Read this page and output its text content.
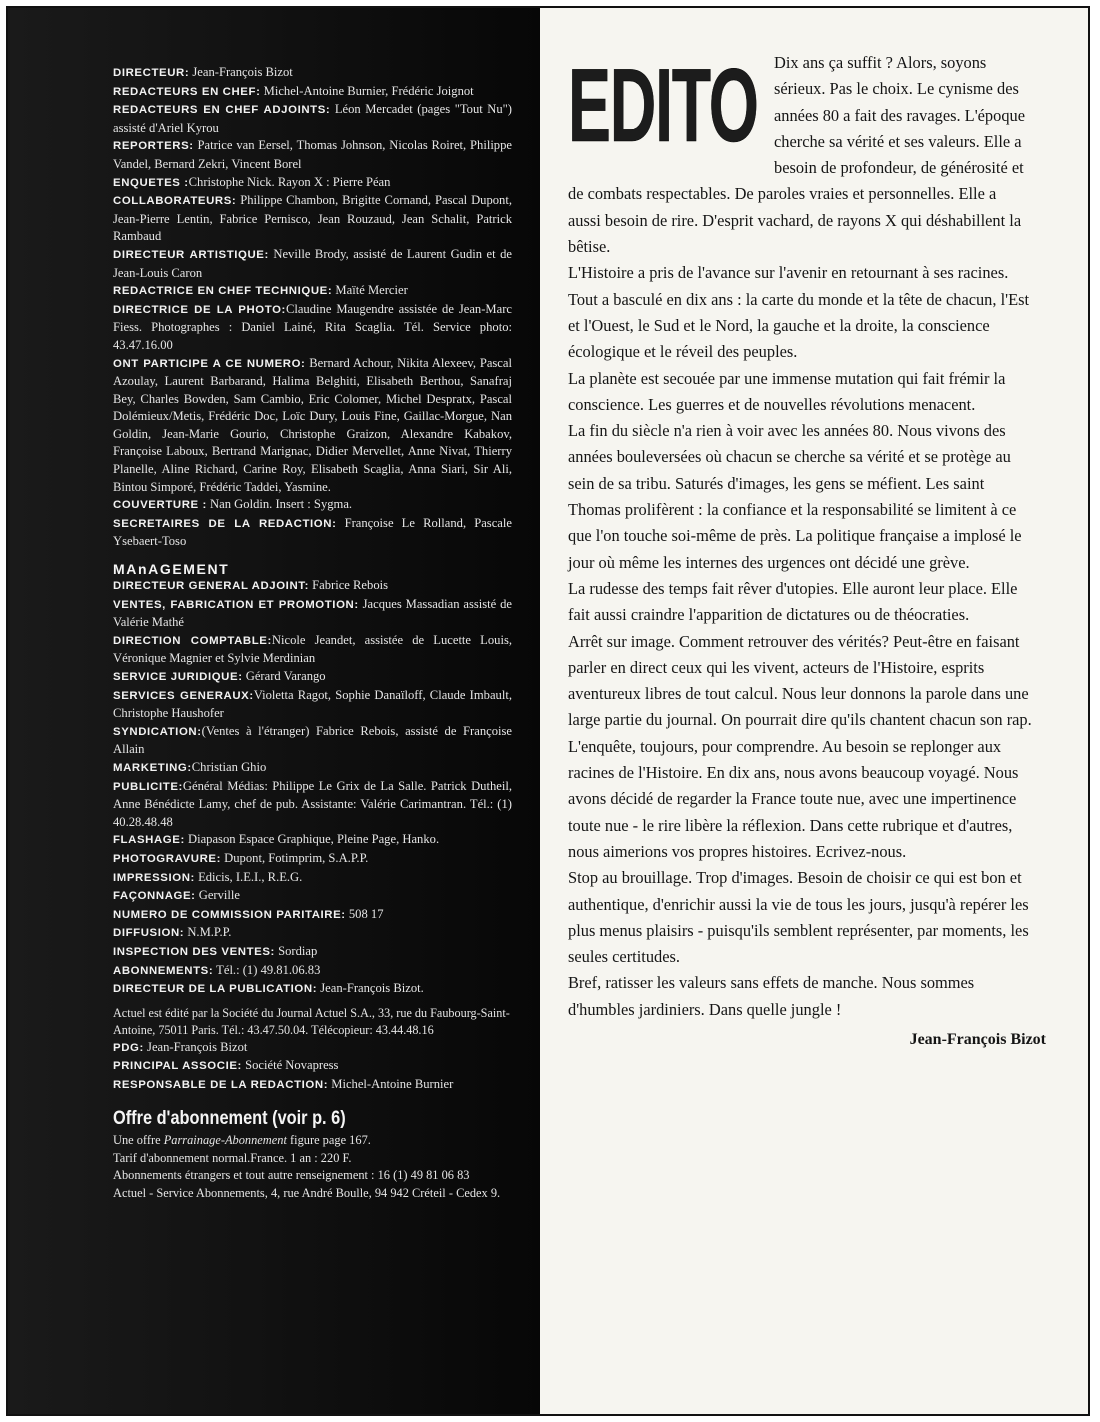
DIRECTEUR: Jean-François Bizot

REDACTEURS EN CHEF: Michel-Antoine Burnier, Frédéric Joignot

REDACTEURS EN CHEF ADJOINTS: Léon Mercadet (pages "Tout Nu") assisté d'Ariel Kyrou

REPORTERS: Patrice van Eersel, Thomas Johnson, Nicolas Roiret, Philippe Vandel, Bernard Zekri, Vincent Borel

ENQUETES :Christophe Nick. Rayon X : Pierre Péan

COLLABORATEURS: Philippe Chambon, Brigitte Cornand, Pascal Dupont, Jean-Pierre Lentin, Fabrice Pernisco, Jean Rouzaud, Jean Schalit, Patrick Rambaud

DIRECTEUR ARTISTIQUE: Neville Brody, assisté de Laurent Gudin et de Jean-Louis Caron

REDACTRICE EN CHEF TECHNIQUE: Maïté Mercier

DIRECTRICE DE LA PHOTO:Claudine Maugendre assistée de Jean-Marc Fiess. Photographes : Daniel Lainé, Rita Scaglia. Tél. Service photo: 43.47.16.00

ONT PARTICIPE A CE NUMERO: Bernard Achour, Nikita Alexeev, Pascal Azoulay, Laurent Barbarand, Halima Belghiti, Elisabeth Berthou, Sanafraj Bey, Charles Bowden, Sam Cambio, Eric Colomer, Michel Despratx, Pascal Dolémieux/Metis, Frédéric Doc, Loïc Dury, Louis Fine, Gaillac-Morgue, Nan Goldin, Jean-Marie Gourio, Christophe Graizon, Alexandre Kabakov, Françoise Laboux, Bertrand Marignac, Didier Mervellet, Anne Nivat, Thierry Planelle, Aline Richard, Carine Roy, Elisabeth Scaglia, Anna Siari, Sir Ali, Bintou Simporé, Frédéric Taddei, Yasmine.

COUVERTURE : Nan Goldin. Insert : Sygma.

SECRETAIRES DE LA REDACTION: Françoise Le Rolland, Pascale Ysebaert-Toso

MAnAGEMENT

DIRECTEUR GENERAL ADJOINT: Fabrice Rebois

VENTES, FABRICATION ET PROMOTION: Jacques Massadian assisté de Valérie Mathé

DIRECTION COMPTABLE:Nicole Jeandet, assistée de Lucette Louis, Véronique Magnier et Sylvie Merdinian

SERVICE JURIDIQUE: Gérard Varango

SERVICES GENERAUX:Violetta Ragot, Sophie Danaïloff, Claude Imbault, Christophe Haushofer

SYNDICATION:(Ventes à l'étranger) Fabrice Rebois, assisté de Françoise Allain

MARKETING:Christian Ghio

PUBLICITE:Général Médias: Philippe Le Grix de La Salle. Patrick Dutheil, Anne Bénédicte Lamy, chef de pub. Assistante: Valérie Carimantran. Tél.: (1) 40.28.48.48

FLASHAGE: Diapason Espace Graphique, Pleine Page, Hanko.

PHOTOGRAVURE: Dupont, Fotimprim, S.A.P.P.

IMPRESSION: Edicis, I.E.I., R.E.G.

FAÇONNAGE: Gerville

NUMERO DE COMMISSION PARITAIRE: 508 17

DIFFUSION: N.M.P.P.

INSPECTION DES VENTES: Sordiap

ABONNEMENTS: Tél.: (1) 49.81.06.83

DIRECTEUR DE LA PUBLICATION: Jean-François Bizot.

Actuel est édité par la Société du Journal Actuel S.A., 33, rue du Faubourg-Saint-Antoine, 75011 Paris. Tél.: 43.47.50.04. Télécopieur: 43.44.48.16

PDG: Jean-François Bizot

PRINCIPAL ASSOCIE: Société Novapress

RESPONSABLE DE LA REDACTION: Michel-Antoine Burnier

Offre d'abonnement (voir p. 6)

Une offre Parrainage-Abonnement figure page 167.

Tarif d'abonnement normal.France. 1 an : 220 F.

Abonnements étrangers et tout autre renseignement : 16 (1) 49 81 06 83

Actuel - Service Abonnements, 4, rue André Boulle, 94 942 Créteil - Cedex 9.

EDITO Dix ans ça suffit ? Alors, soyons sérieux. Pas le choix. Le cynisme des années 80 a fait des ravages. L'époque cherche sa vérité et ses valeurs. Elle a besoin de profondeur, de générosité et de combats respectables. De paroles vraies et personnelles. Elle a aussi besoin de rire. D'esprit vachard, de rayons X qui déshabillent la bêtise.

L'Histoire a pris de l'avance sur l'avenir en retournant à ses racines. Tout a basculé en dix ans : la carte du monde et la tête de chacun, l'Est et l'Ouest, le Sud et le Nord, la gauche et la droite, la conscience écologique et le réveil des peuples.

La planète est secouée par une immense mutation qui fait frémir la conscience. Les guerres et de nouvelles révolutions menacent.

La fin du siècle n'a rien à voir avec les années 80. Nous vivons des années bouleversées où chacun se cherche sa vérité et se protège au sein de sa tribu. Saturés d'images, les gens se méfient. Les saint Thomas prolifèrent : la confiance et la responsabilité se limitent à ce que l'on touche soi-même de près. La politique française a implosé le jour où même les internes des urgences ont décidé une grève.

La rudesse des temps fait rêver d'utopies. Elle auront leur place. Elle fait aussi craindre l'apparition de dictatures ou de théocraties.

Arrêt sur image. Comment retrouver des vérités? Peut-être en faisant parler en direct ceux qui les vivent, acteurs de l'Histoire, esprits aventureux libres de tout calcul. Nous leur donnons la parole dans une large partie du journal. On pourrait dire qu'ils chantent chacun son rap.

L'enquête, toujours, pour comprendre. Au besoin se replonger aux racines de l'Histoire. En dix ans, nous avons beaucoup voyagé. Nous avons décidé de regarder la France toute nue, avec une impertinence toute nue - le rire libère la réflexion. Dans cette rubrique et d'autres, nous aimerions vos propres histoires. Ecrivez-nous.

Stop au brouillage. Trop d'images. Besoin de choisir ce qui est bon et authentique, d'enrichir aussi la vie de tous les jours, jusqu'à repérer les plus menus plaisirs - puisqu'ils semblent représenter, par moments, les seules certitudes.

Bref, ratisser les valeurs sans effets de manche. Nous sommes d'humbles jardiniers. Dans quelle jungle !

Jean-François Bizot
